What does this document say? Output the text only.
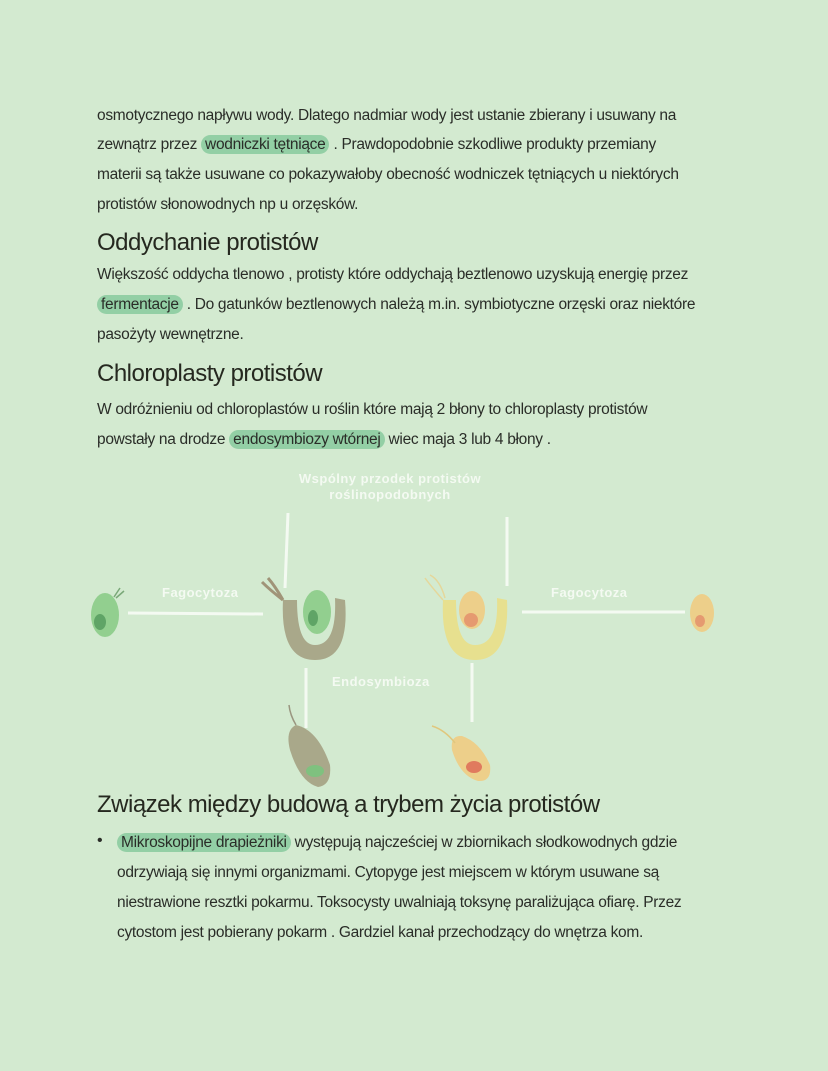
osmotycznego napływu wody. Dlatego nadmiar wody jest ustanie zbierany i usuwany na
zewnątrz przez wodniczki tętniące . Prawdopodobnie szkodliwe produkty przemiany
materii są także usuwane co pokazywałoby obecność wodniczek tętniących u niektórych
protistów słonowodnych np u orzęsków.
Oddychanie protistów
Większość oddycha tlenowo , protisty które oddychają beztlenowo uzyskują energię przez
fermentacje . Do gatunków beztlenowych należą m.in. symbiotyczne orzęski oraz niektóre
pasożyty wewnętrzne.
Chloroplasty protistów
W odróżnieniu od chloroplastów u roślin które mają 2 błony to chloroplasty protistów
powstały na drodze endosymbiozy wtórnej wiec maja 3 lub 4 błony .
Związek między budową a trybem życia protistów
Mikroskopijne drapieżniki występują najcześciej w zbiornikach słodkowodnych gdzie
odrzywiają się innymi organizmami. Cytopyge jest miejscem w którym usuwane są
niestrawione resztki pokarmu. Toksocysty uwalniają toksynę paraliżująca ofiarę. Przez
cytostom jest pobierany pokarm . Gardziel kanał przechodzący do wnętrza kom.
•
Wspólny przodek protistów roślinopodobnych
Fagocytoza	Fagocytoza
Endosymbioza
